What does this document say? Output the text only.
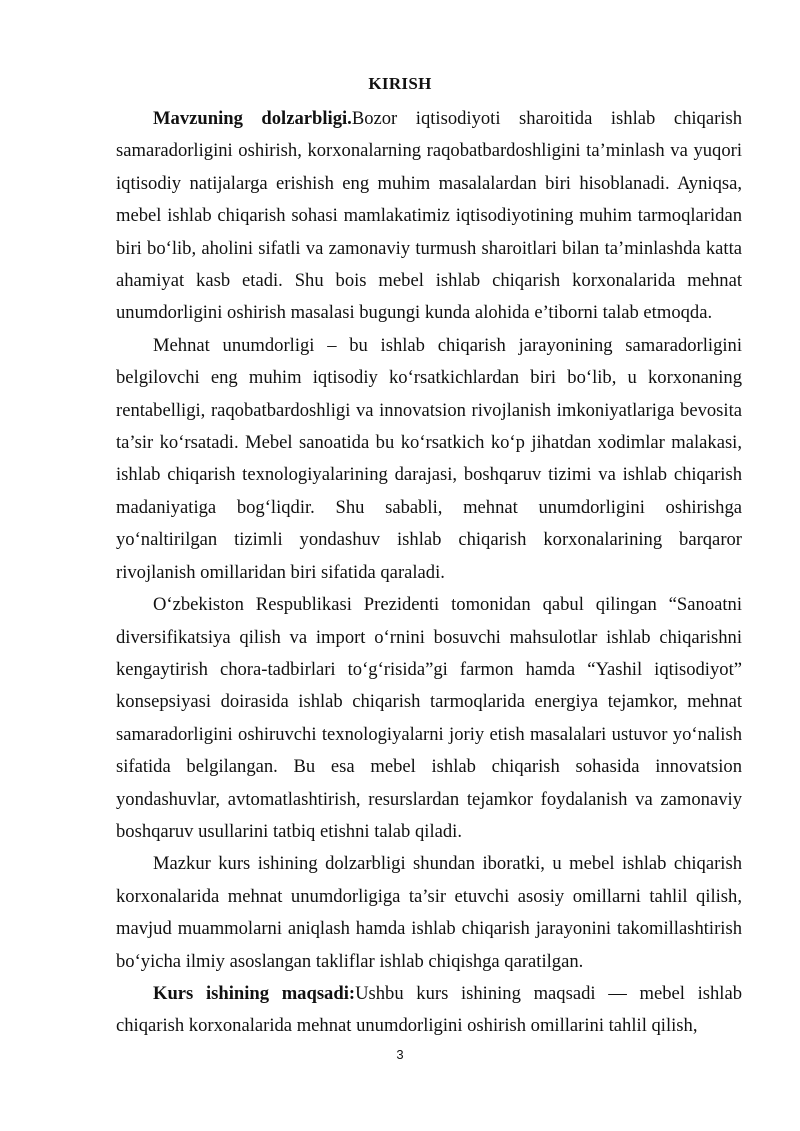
KIRISH

Mavzuning dolzarbligi.Bozor iqtisodiyoti sharoitida ishlab chiqarish samaradorligini oshirish, korxonalarning raqobatbardoshligini ta’minlash va yuqori iqtisodiy natijalarga erishish eng muhim masalalardan biri hisoblanadi. Ayniqsa, mebel ishlab chiqarish sohasi mamlakatimiz iqtisodiyotining muhim tarmoqlaridan biri bo‘lib, aholini sifatli va zamonaviy turmush sharoitlari bilan ta’minlashda katta ahamiyat kasb etadi. Shu bois mebel ishlab chiqarish korxonalarida mehnat unumdorligini oshirish masalasi bugungi kunda alohida e’tiborni talab etmoqda.

Mehnat unumdorligi – bu ishlab chiqarish jarayonining samaradorligini belgilovchi eng muhim iqtisodiy ko‘rsatkichlardan biri bo‘lib, u korxonaning rentabelligi, raqobatbardoshligi va innovatsion rivojlanish imkoniyatlariga bevosita ta’sir ko‘rsatadi. Mebel sanoatida bu ko‘rsatkich ko‘p jihatdan xodimlar malakasi, ishlab chiqarish texnologiyalarining darajasi, boshqaruv tizimi va ishlab chiqarish madaniyatiga bog‘liqdir. Shu sababli, mehnat unumdorligini oshirishga yo‘naltirilgan tizimli yondashuv ishlab chiqarish korxonalarining barqaror rivojlanish omillaridan biri sifatida qaraladi.

O‘zbekiston Respublikasi Prezidenti tomonidan qabul qilingan “Sanoatni diversifikatsiya qilish va import o‘rnini bosuvchi mahsulotlar ishlab chiqarishni kengaytirish chora-tadbirlari to‘g‘risida”gi farmon hamda “Yashil iqtisodiyot” konsepsiyasi doirasida ishlab chiqarish tarmoqlarida energiya tejamkor, mehnat samaradorligini oshiruvchi texnologiyalarni joriy etish masalalari ustuvor yo‘nalish sifatida belgilangan. Bu esa mebel ishlab chiqarish sohasida innovatsion yondashuvlar, avtomatlashtirish, resurslardan tejamkor foydalanish va zamonaviy boshqaruv usullarini tatbiq etishni talab qiladi.

Mazkur kurs ishining dolzarbligi shundan iboratki, u mebel ishlab chiqarish korxonalarida mehnat unumdorligiga ta’sir etuvchi asosiy omillarni tahlil qilish, mavjud muammolarni aniqlash hamda ishlab chiqarish jarayonini takomillashtirish bo‘yicha ilmiy asoslangan takliflar ishlab chiqishga qaratilgan.

Kurs ishining maqsadi:Ushbu kurs ishining maqsadi — mebel ishlab chiqarish korxonalarida mehnat unumdorligini oshirish omillarini tahlil qilish,

3
